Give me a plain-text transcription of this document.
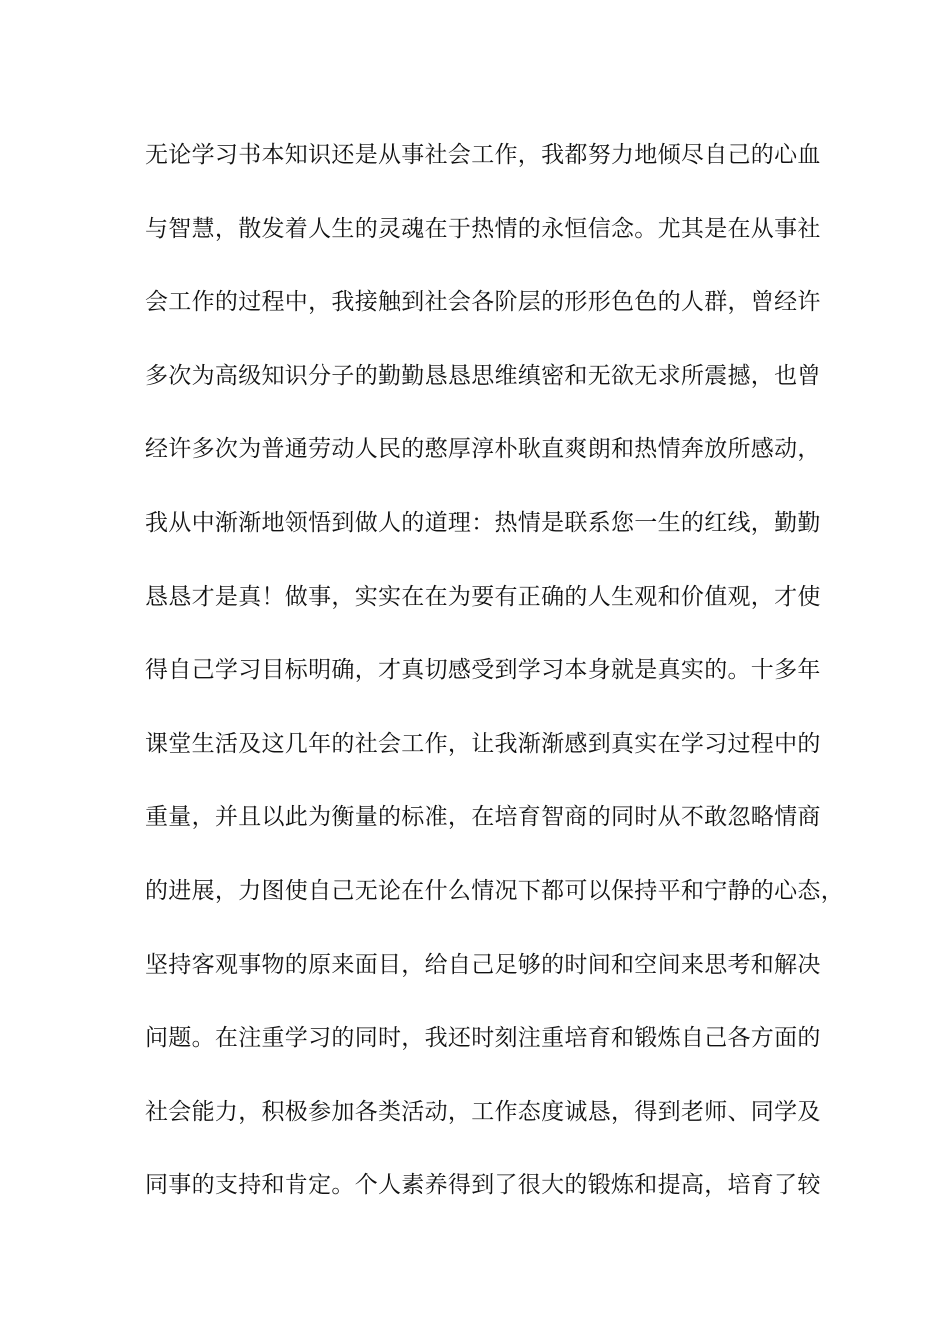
无论学习书本知识还是从事社会工作，我都努力地倾尽自己的心血
与智慧，散发着人生的灵魂在于热情的永恒信念。尤其是在从事社
会工作的过程中，我接触到社会各阶层的形形色色的人群，曾经许
多次为高级知识分子的勤勤恳恳思维缜密和无欲无求所震撼，也曾
经许多次为普通劳动人民的憨厚淳朴耿直爽朗和热情奔放所感动，
我从中渐渐地领悟到做人的道理：热情是联系您一生的红线，勤勤
恳恳才是真！做事，实实在在为要有正确的人生观和价值观，才使
得自己学习目标明确，才真切感受到学习本身就是真实的。十多年
课堂生活及这几年的社会工作，让我渐渐感到真实在学习过程中的
重量，并且以此为衡量的标准，在培育智商的同时从不敢忽略情商
的进展，力图使自己无论在什么情况下都可以保持平和宁静的心态，
坚持客观事物的原来面目，给自己足够的时间和空间来思考和解决
问题。在注重学习的同时，我还时刻注重培育和锻炼自己各方面的
社会能力，积极参加各类活动，工作态度诚恳，得到老师、同学及
同事的支持和肯定。个人素养得到了很大的锻炼和提高，培育了较
